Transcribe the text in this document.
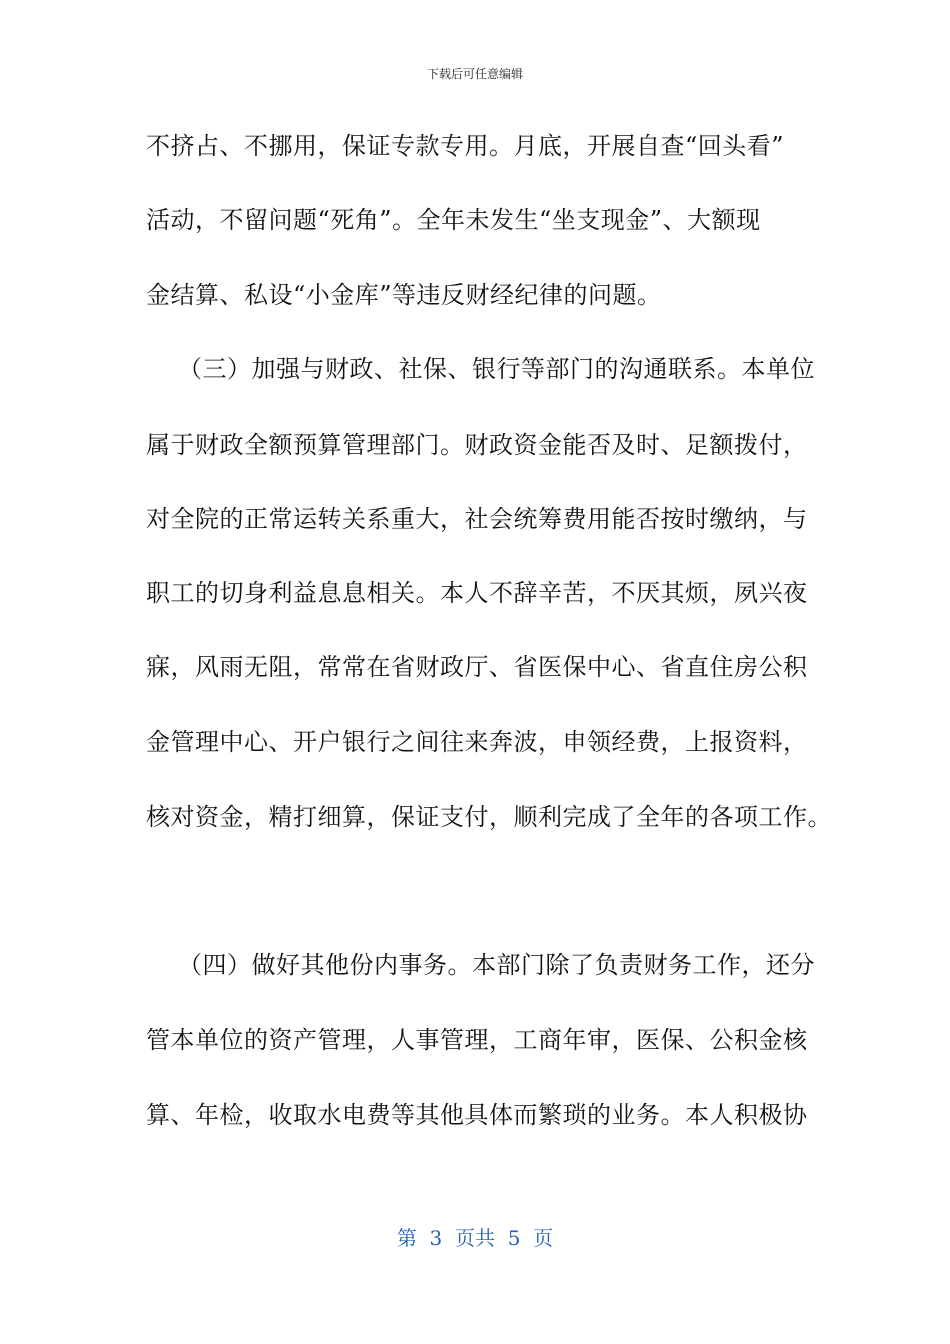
下载后可任意编辑
不挤占、不挪用，保证专款专用。月底，开展自查“回头看”
活动，不留问题“死角”。全年未发生“坐支现金”、大额现
金结算、私设“小金库”等违反财经纪律的问题。
（三）加强与财政、社保、银行等部门的沟通联系。本单位
属于财政全额预算管理部门。财政资金能否及时、足额拨付，
对全院的正常运转关系重大，社会统筹费用能否按时缴纳，与
职工的切身利益息息相关。本人不辞辛苦，不厌其烦，夙兴夜
寐，风雨无阻，常常在省财政厅、省医保中心、省直住房公积
金管理中心、开户银行之间往来奔波，申领经费，上报资料，
核对资金，精打细算，保证支付，顺利完成了全年的各项工作。
（四）做好其他份内事务。本部门除了负责财务工作，还分
管本单位的资产管理，人事管理，工商年审，医保、公积金核
算、年检，收取水电费等其他具体而繁琐的业务。本人积极协
第  3  页共  5  页
